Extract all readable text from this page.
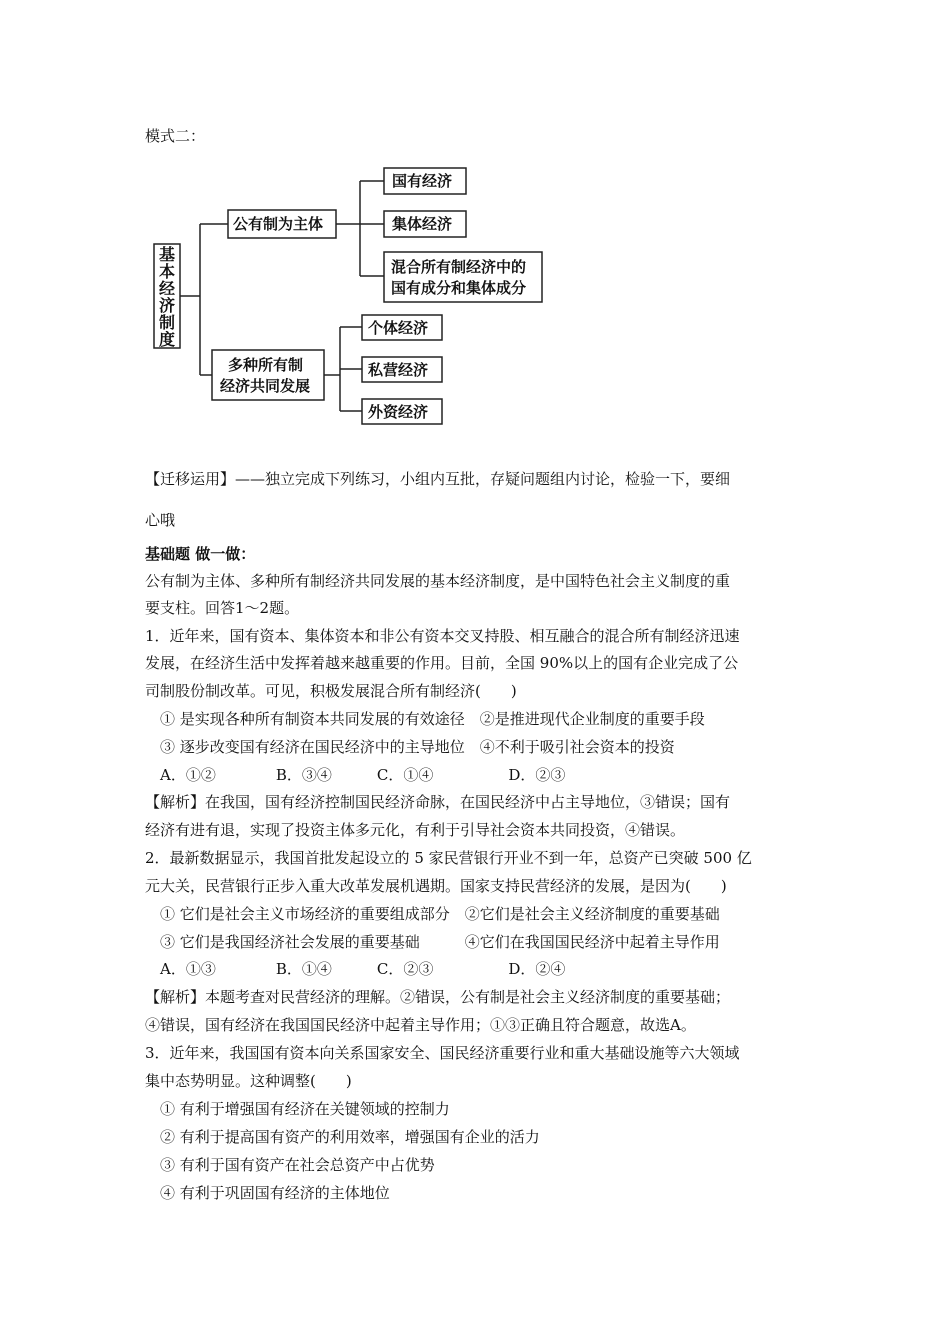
模式二：
公有制为主体
国有经济
集体经济
混合所有制经济中的
国有成分和集体成分
多种所有制
经济共同发展
个体经济
私营经济
外资经济
基本经济制度
【迁移运用】——独立完成下列练习，小组内互批，存疑问题组内讨论，检验一下，要细
心哦
基础题 做一做：
公有制为主体、多种所有制经济共同发展的基本经济制度，是中国特色社会主义制度的重
要支柱。回答1～2题。
1．近年来，国有资本、集体资本和非公有资本交叉持股、相互融合的混合所有制经济迅速
发展，在经济生活中发挥着越来越重要的作用。目前，全国 90%以上的国有企业完成了公
司制股份制改革。可见，积极发展混合所有制经济(　　)
① 是实现各种所有制资本共同发展的有效途径　②是推进现代企业制度的重要手段
③ 逐步改变国有经济在国民经济中的主导地位　④不利于吸引社会资本的投资
A．①②　　　　B．③④　　　C．①④　　　　　D．②③
【解析】在我国，国有经济控制国民经济命脉，在国民经济中占主导地位，③错误；国有
经济有进有退，实现了投资主体多元化，有利于引导社会资本共同投资，④错误。
2．最新数据显示，我国首批发起设立的 5 家民营银行开业不到一年，总资产已突破 500 亿
元大关，民营银行正步入重大改革发展机遇期。国家支持民营经济的发展，是因为(　　)
① 它们是社会主义市场经济的重要组成部分　②它们是社会主义经济制度的重要基础
③ 它们是我国经济社会发展的重要基础　　　④它们在我国国民经济中起着主导作用
A．①③　　　　B．①④　　　C．②③　　　　　D．②④
【解析】本题考查对民营经济的理解。②错误，公有制是社会主义经济制度的重要基础；
④错误，国有经济在我国国民经济中起着主导作用；①③正确且符合题意，故选A。
3．近年来，我国国有资本向关系国家安全、国民经济重要行业和重大基础设施等六大领域
集中态势明显。这种调整(　　)
① 有利于增强国有经济在关键领域的控制力
② 有利于提高国有资产的利用效率，增强国有企业的活力
③ 有利于国有资产在社会总资产中占优势
④ 有利于巩固国有经济的主体地位
